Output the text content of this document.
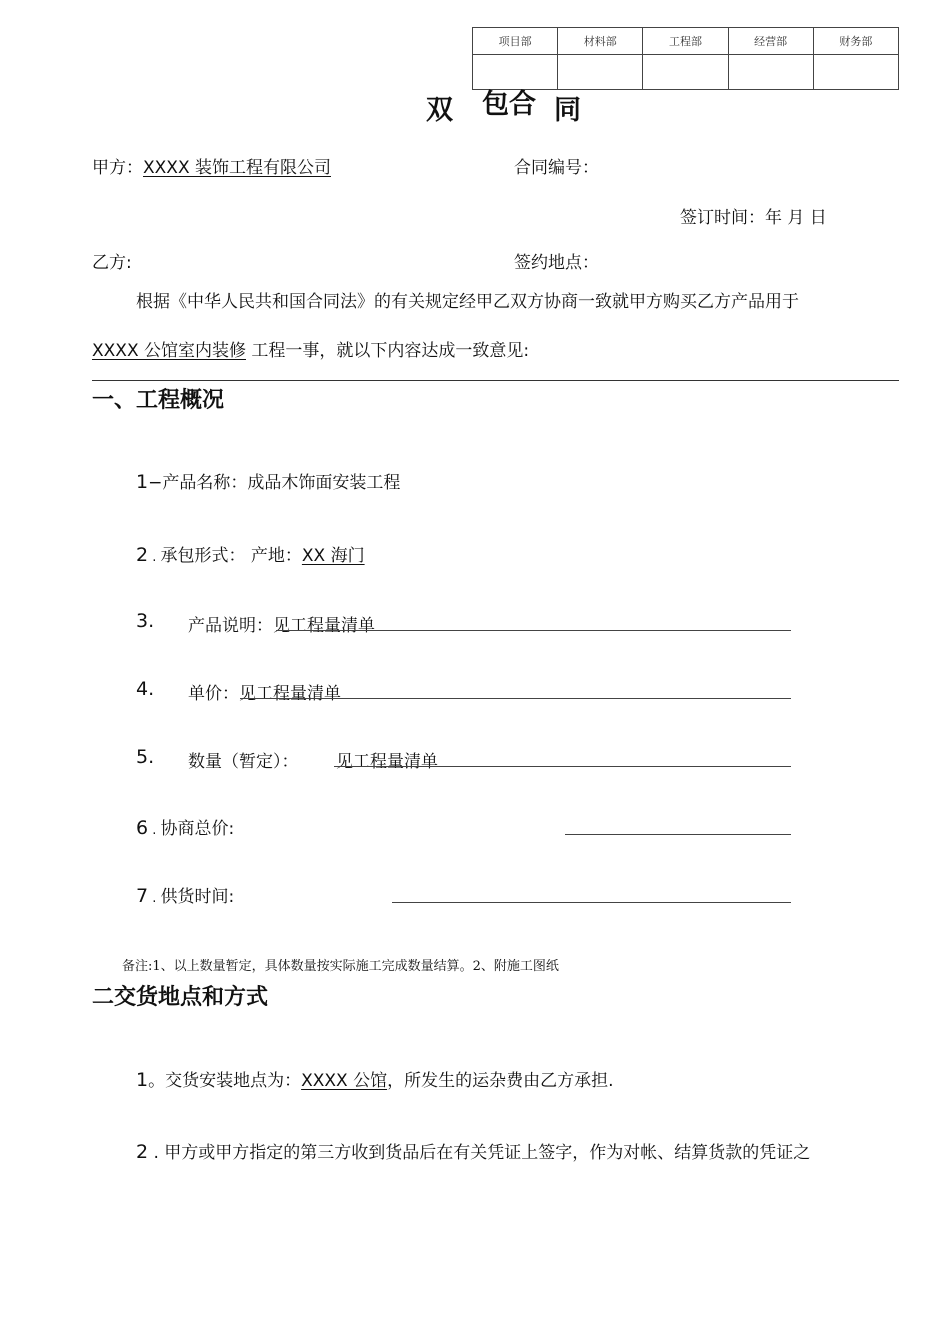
项目部	材料部	工程部	经营部	财务部

双 包合 同
甲方：XXXX 装饰工程有限公司	合同编号：
签订时间：年 月 日
乙方:	签约地点：
根据《中华人民共和国合同法》的有关规定经甲乙双方协商一致就甲方购买乙方产品用于
XXXX 公馆室内装修 工程一事，就以下内容达成一致意见:
一、工程概况
1−产品名称：成品木饰面安装工程
2 . 承包形式： 产地：XX 海门
3. 产品说明：见工程量清单
4. 单价：见工程量清单
5. 数量（暂定）： 见工程量清单
6 . 协商总价:
7 . 供货时间:
备注:1、以上数量暂定，具体数量按实际施工完成数量结算。2、附施工图纸
二交货地点和方式
1。交货安装地点为：XXXX 公馆，所发生的运杂费由乙方承担.
2 . 甲方或甲方指定的第三方收到货品后在有关凭证上签字，作为对帐、结算货款的凭证之
